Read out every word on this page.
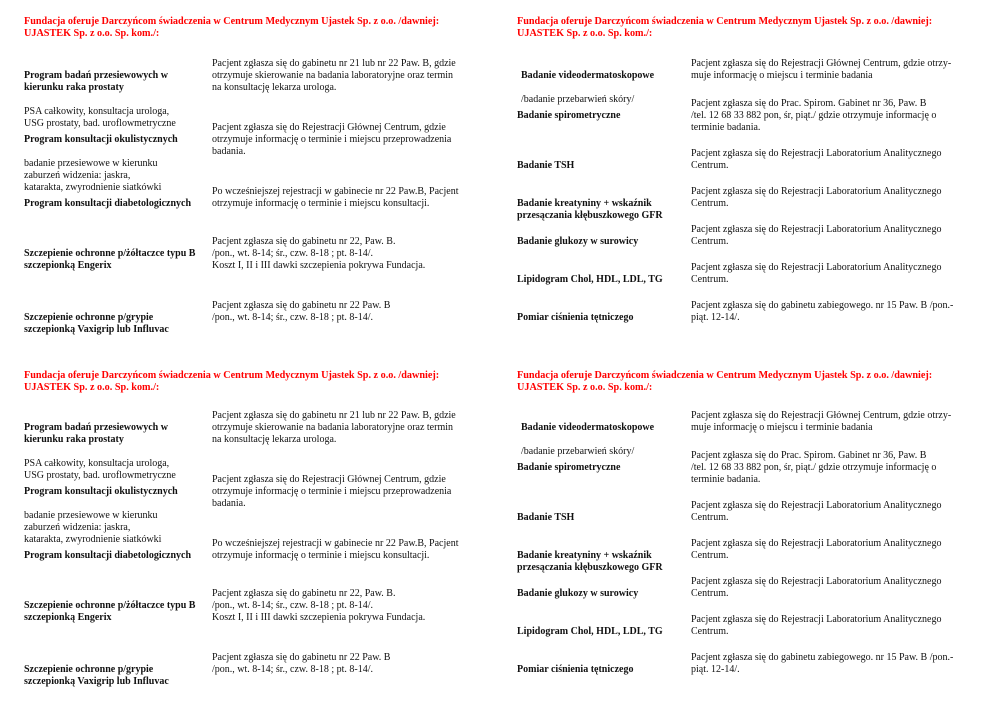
Fundacja oferuje Darczyńcom świadczenia w Centrum Medycznym Ujastek Sp. z o.o. /dawniej:
UJASTEK Sp. z o.o. Sp. kom./:

Program badań przesiewowych w
kierunku raka prostaty

PSA całkowity, konsultacja urologa,
USG prostaty, bad. uroflowmetryczne

Pacjent zgłasza się do gabinetu nr 21 lub nr 22 Paw. B, gdzie
otrzymuje skierowanie na badania laboratoryjne oraz termin
na konsultację lekarza urologa.

Program konsultacji okulistycznych

badanie przesiewowe w kierunku
zaburzeń widzenia: jaskra,
katarakta, zwyrodnienie siatkówki

Pacjent zgłasza się do Rejestracji Głównej Centrum, gdzie
otrzymuje informację o terminie i miejscu przeprowadzenia
badania.

Program konsultacji diabetologicznych

Po wcześniejszej rejestracji w gabinecie nr 22 Paw.B, Pacjent
otrzymuje informację o terminie i miejscu konsultacji.

Szczepienie ochronne p/żółtaczce typu B
szczepionką Engerix

Pacjent zgłasza się do gabinetu nr 22, Paw. B.
/pon., wt. 8-14; śr., czw. 8-18 ; pt. 8-14/.
Koszt I, II i III dawki szczepienia pokrywa Fundacja.

Szczepienie ochronne p/grypie
szczepionką Vaxigrip lub Influvac

Pacjent zgłasza się do gabinetu nr 22 Paw. B
/pon., wt. 8-14; śr., czw. 8-18 ; pt. 8-14/.
Fundacja oferuje Darczyńcom świadczenia w Centrum Medycznym Ujastek Sp. z o.o. /dawniej:
UJASTEK Sp. z o.o. Sp. kom./:

Badanie videodermatoskopowe

/badanie przebarwień skóry/

Pacjent zgłasza się do Rejestracji Głównej Centrum, gdzie otrzy-
muje informację o miejscu i terminie badania

Badanie spirometryczne

Pacjent zgłasza się do Prac. Spirom. Gabinet nr 36, Paw. B
/tel. 12 68 33 882 pon, śr, piąt./ gdzie otrzymuje informację o
terminie badania.

Badanie TSH

Pacjent zgłasza się do Rejestracji Laboratorium Analitycznego
Centrum.

Badanie kreatyniny + wskaźnik
przesączania kłębuszkowego GFR

Pacjent zgłasza się do Rejestracji Laboratorium Analitycznego
Centrum.

Badanie glukozy w surowicy

Pacjent zgłasza się do Rejestracji Laboratorium Analitycznego
Centrum.

Lipidogram Chol, HDL, LDL, TG

Pacjent zgłasza się do Rejestracji Laboratorium Analitycznego
Centrum.

Pomiar ciśnienia tętniczego

Pacjent zgłasza się do gabinetu zabiegowego. nr 15 Paw. B /pon.-
piąt. 12-14/.
Fundacja oferuje Darczyńcom świadczenia w Centrum Medycznym Ujastek Sp. z o.o. /dawniej:
UJASTEK Sp. z o.o. Sp. kom./:

Program badań przesiewowych w
kierunku raka prostaty

PSA całkowity, konsultacja urologa,
USG prostaty, bad. uroflowmetryczne

Pacjent zgłasza się do gabinetu nr 21 lub nr 22 Paw. B, gdzie
otrzymuje skierowanie na badania laboratoryjne oraz termin
na konsultację lekarza urologa.

Program konsultacji okulistycznych

badanie przesiewowe w kierunku
zaburzeń widzenia: jaskra,
katarakta, zwyrodnienie siatkówki

Pacjent zgłasza się do Rejestracji Głównej Centrum, gdzie
otrzymuje informację o terminie i miejscu przeprowadzenia
badania.

Program konsultacji diabetologicznych

Po wcześniejszej rejestracji w gabinecie nr 22 Paw.B, Pacjent
otrzymuje informację o terminie i miejscu konsultacji.

Szczepienie ochronne p/żółtaczce typu B
szczepionką Engerix

Pacjent zgłasza się do gabinetu nr 22, Paw. B.
/pon., wt. 8-14; śr., czw. 8-18 ; pt. 8-14/.
Koszt I, II i III dawki szczepienia pokrywa Fundacja.

Szczepienie ochronne p/grypie
szczepionką Vaxigrip lub Influvac

Pacjent zgłasza się do gabinetu nr 22 Paw. B
/pon., wt. 8-14; śr., czw. 8-18 ; pt. 8-14/.
Fundacja oferuje Darczyńcom świadczenia w Centrum Medycznym Ujastek Sp. z o.o. /dawniej:
UJASTEK Sp. z o.o. Sp. kom./:

Badanie videodermatoskopowe

/badanie przebarwień skóry/

Pacjent zgłasza się do Rejestracji Głównej Centrum, gdzie otrzy-
muje informację o miejscu i terminie badania

Badanie spirometryczne

Pacjent zgłasza się do Prac. Spirom. Gabinet nr 36, Paw. B
/tel. 12 68 33 882 pon, śr, piąt./ gdzie otrzymuje informację o
terminie badania.

Badanie TSH

Pacjent zgłasza się do Rejestracji Laboratorium Analitycznego
Centrum.

Badanie kreatyniny + wskaźnik
przesączania kłębuszkowego GFR

Pacjent zgłasza się do Rejestracji Laboratorium Analitycznego
Centrum.

Badanie glukozy w surowicy

Pacjent zgłasza się do Rejestracji Laboratorium Analitycznego
Centrum.

Lipidogram Chol, HDL, LDL, TG

Pacjent zgłasza się do Rejestracji Laboratorium Analitycznego
Centrum.

Pomiar ciśnienia tętniczego

Pacjent zgłasza się do gabinetu zabiegowego. nr 15 Paw. B /pon.-
piąt. 12-14/.
